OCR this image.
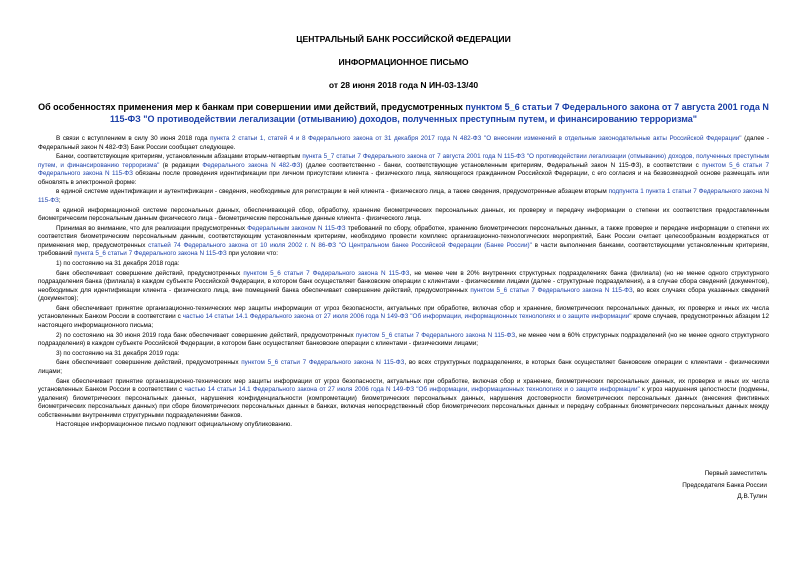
ЦЕНТРАЛЬНЫЙ БАНК РОССИЙСКОЙ ФЕДЕРАЦИИ
ИНФОРМАЦИОННОЕ ПИСЬМО
от 28 июня 2018 года N ИН-03-13/40
Об особенностях применения мер к банкам при совершении ими действий, предусмотренных пунктом 5_6 статьи 7 Федерального закона от 7 августа 2001 года N 115-ФЗ "О противодействии легализации (отмыванию) доходов, полученных преступным путем, и финансированию терроризма"

В связи с вступлением в силу 30 июня 2018 года пункта 2 статьи 1, статей 4 и 8 Федерального закона от 31 декабря 2017 года N 482-ФЗ "О внесении изменений в отдельные законодательные акты Российской Федерации" (далее - Федеральный закон N 482-ФЗ) Банк России сообщает следующее.

Банки, соответствующие критериям, установленным абзацами вторым-четвертым пункта 5_7 статьи 7 Федерального закона от 7 августа 2001 года N 115-ФЗ "О противодействии легализации (отмыванию) доходов, полученных преступным путем, и финансированию терроризма" (в редакции Федерального закона N 482-ФЗ) (далее соответственно - банки, соответствующие установленным критериям, Федеральный закон N 115-ФЗ), в соответствии с пунктом 5_6 статьи 7 Федерального закона N 115-ФЗ обязаны после проведения идентификации при личном присутствии клиента - физического лица, являющегося гражданином Российской Федерации, с его согласия и на безвозмездной основе размещать или обновлять в электронной форме:

в единой системе идентификации и аутентификации - сведения, необходимые для регистрации в ней клиента - физического лица, а также сведения, предусмотренные абзацем вторым подпункта 1 пункта 1 статьи 7 Федерального закона N 115-ФЗ;

в единой информационной системе персональных данных, обеспечивающей сбор, обработку, хранение биометрических персональных данных, их проверку и передачу информации о степени их соответствия предоставленным биометрическим персональным данным физического лица - биометрические персональные данные клиента - физического лица.

Принимая во внимание, что для реализации предусмотренных Федеральным законом N 115-ФЗ требований по сбору, обработке, хранению биометрических персональных данных, а также проверке и передаче информации о степени их соответствия биометрическим персональным данным, соответствующим установленным критериям, необходимо провести комплекс организационно-технологических мероприятий, Банк России считает целесообразным воздержаться от применения мер, предусмотренных статьей 74 Федерального закона от 10 июля 2002 г. N 86-ФЗ "О Центральном банке Российской Федерации (Банке России)" в части выполнения банками, соответствующими установленным критериям, требований пункта 5_6 статьи 7 Федерального закона N 115-ФЗ при условии что:

1) по состоянию на 31 декабря 2018 года:

банк обеспечивает совершение действий, предусмотренных пунктом 5_6 статьи 7 Федерального закона N 115-ФЗ, не менее чем в 20% внутренних структурных подразделениях банка (филиала) (но не менее одного структурного подразделения банка (филиала) в каждом субъекте Российской Федерации, в котором банк осуществляет банковские операции с клиентами - физическими лицами (далее - структурные подразделения), а в случае сбора сведений (документов), необходимых для идентификации клиента - физического лица, вне помещений банка обеспечивает совершение действий, предусмотренных пунктом 5_6 статьи 7 Федерального закона N 115-ФЗ, во всех случаях сбора указанных сведений (документов);

банк обеспечивает принятие организационно-технических мер защиты информации от угроз безопасности, актуальных при обработке, включая сбор и хранение, биометрических персональных данных, их проверке и иных их числа установленных Банком России в соответствии с частью 14 статьи 14.1 Федерального закона от 27 июля 2006 года N 149-ФЗ "Об информации, информационных технологиях и о защите информации" кроме случаев, предусмотренных абзацем 12 настоящего информационного письма;

2) по состоянию на 30 июня 2019 года банк обеспечивает совершение действий, предусмотренных пунктом 5_6 статьи 7 Федерального закона N 115-ФЗ, не менее чем в 60% структурных подразделений (но не менее одного структурного подразделения) в каждом субъекте Российской Федерации, в котором банк осуществляет банковские операции с клиентами - физическими лицами;

3) по состоянию на 31 декабря 2019 года:

банк обеспечивает совершение действий, предусмотренных пунктом 5_6 статьи 7 Федерального закона N 115-ФЗ, во всех структурных подразделениях, в которых банк осуществляет банковские операции с клиентами - физическими лицами;

банк обеспечивает принятие организационно-технических мер защиты информации от угроз безопасности, актуальных при обработке, включая сбор и хранение, биометрических персональных данных, их проверке и иных их числа установленных Банком России в соответствии с частью 14 статьи 14.1 Федерального закона от 27 июля 2006 года N 149-ФЗ "Об информации, информационных технологиях и о защите информации" к угроз нарушения целостности (подмены, удаления) биометрических персональных данных, нарушения конфиденциальности (компрометации) биометрических персональных данных, нарушения достоверности биометрических персональных данных (внесения фиктивных биометрических персональных данных) при сборе биометрических персональных данных в банках, включая непосредственный сбор биометрических персональных данных и передачу собранных биометрических персональных данных между собственными внутренними структурными подразделениями банков.

Настоящее информационное письмо подлежит официальному опубликованию.

Первый заместитель
Председателя Банка России
Д.В.Тулин
